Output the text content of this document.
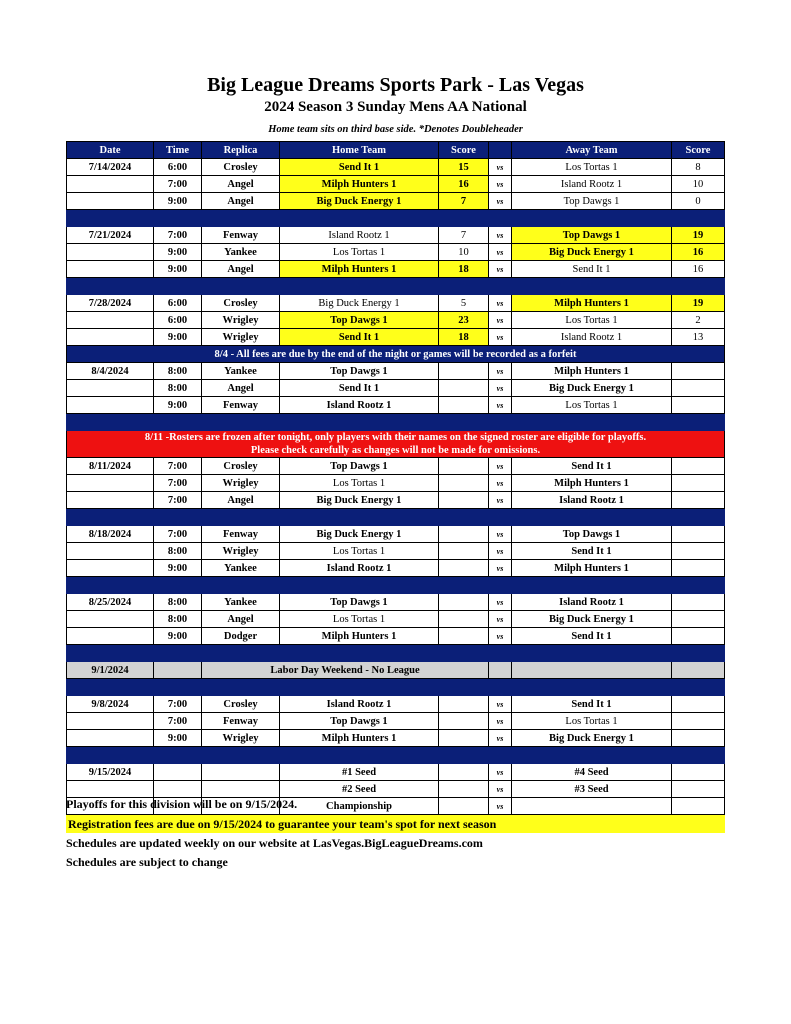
Big League Dreams Sports Park - Las Vegas
2024 Season 3 Sunday Mens AA National
Home team sits on third base side. *Denotes Doubleheader
Date	Time	Replica	Home Team	Score		Away Team	Score
7/14/2024	6:00	Crosley	Send It 1	15	vs	Los Tortas 1	8
	7:00	Angel	Milph Hunters 1	16	vs	Island Rootz 1	10
	9:00	Angel	Big Duck Energy 1	7	vs	Top Dawgs 1	0

7/21/2024	7:00	Fenway	Island Rootz 1	7	vs	Top Dawgs 1	19
	9:00	Yankee	Los Tortas 1	10	vs	Big Duck Energy 1	16
	9:00	Angel	Milph Hunters 1	18	vs	Send It 1	16

7/28/2024	6:00	Crosley	Big Duck Energy 1	5	vs	Milph Hunters 1	19
	6:00	Wrigley	Top Dawgs 1	23	vs	Los Tortas 1	2
	9:00	Wrigley	Send It 1	18	vs	Island Rootz 1	13
8/4 - All fees are due by the end of the night or games will be recorded as a forfeit							
8/4/2024	8:00	Yankee	Top Dawgs 1		vs	Milph Hunters 1	
	8:00	Angel	Send It 1		vs	Big Duck Energy 1	
	9:00	Fenway	Island Rootz 1		vs	Los Tortas 1	

8/11 -Rosters are frozen after tonight, only players with their names on the signed roster are eligible for playoffs.							
Please check carefully as changes will not be made for omissions.							
8/11/2024	7:00	Crosley	Top Dawgs 1		vs	Send It 1	
	7:00	Wrigley	Los Tortas 1		vs	Milph Hunters 1	
	7:00	Angel	Big Duck Energy 1		vs	Island Rootz 1	

8/18/2024	7:00	Fenway	Big Duck Energy 1		vs	Top Dawgs 1	
	8:00	Wrigley	Los Tortas 1		vs	Send It 1	
	9:00	Yankee	Island Rootz 1		vs	Milph Hunters 1	

8/25/2024	8:00	Yankee	Top Dawgs 1		vs	Island Rootz 1	
	8:00	Angel	Los Tortas 1		vs	Big Duck Energy 1	
	9:00	Dodger	Milph Hunters 1		vs	Send It 1	

9/1/2024		Labor Day Weekend - No League					

9/8/2024	7:00	Crosley	Island Rootz 1		vs	Send It 1	
	7:00	Fenway	Top Dawgs 1		vs	Los Tortas 1	
	9:00	Wrigley	Milph Hunters 1		vs	Big Duck Energy 1	

9/15/2024			#1 Seed		vs	#4 Seed	
			#2 Seed		vs	#3 Seed	
			Championship		vs		

Playoffs for this division will be on 9/15/2024.
Registration fees are due on 9/15/2024 to guarantee your team's spot for next season
Schedules are updated weekly on our website at LasVegas.BigLeagueDreams.com
Schedules are subject to change
